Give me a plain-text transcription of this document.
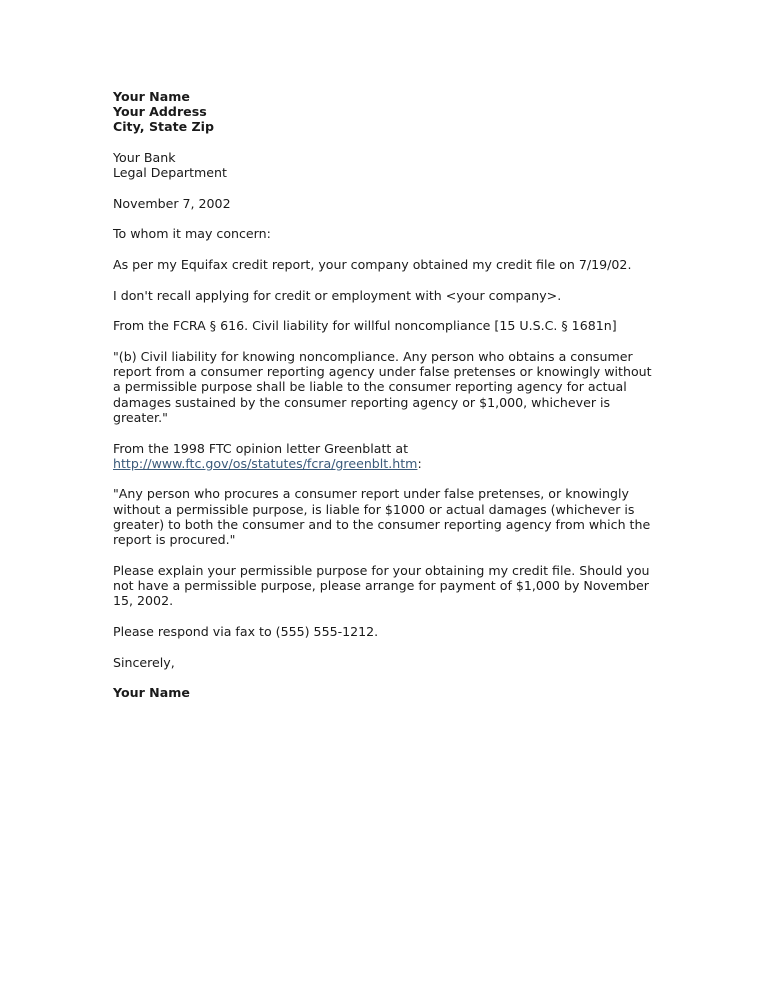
Your Name
Your Address
City, State Zip
Your Bank
Legal Department

November 7, 2002

To whom it may concern:

As per my Equifax credit report, your company obtained my credit file on 7/19/02.

I don't recall applying for credit or employment with <your company>.

From the FCRA § 616. Civil liability for willful noncompliance [15 U.S.C. § 1681n]

"(b) Civil liability for knowing noncompliance. Any person who obtains a consumer
report from a consumer reporting agency under false pretenses or knowingly without
a permissible purpose shall be liable to the consumer reporting agency for actual
damages sustained by the consumer reporting agency or $1,000, whichever is
greater."
From the 1998 FTC opinion letter Greenblatt at
http://www.ftc.gov/os/statutes/fcra/greenblt.htm:
"Any person who procures a consumer report under false pretenses, or knowingly
without a permissible purpose, is liable for $1000 or actual damages (whichever is
greater) to both the consumer and to the consumer reporting agency from which the
report is procured."
Please explain your permissible purpose for your obtaining my credit file. Should you
not have a permissible purpose, please arrange for payment of $1,000 by November
15, 2002.

Please respond via fax to (555) 555-1212.

Sincerely,

Your Name
